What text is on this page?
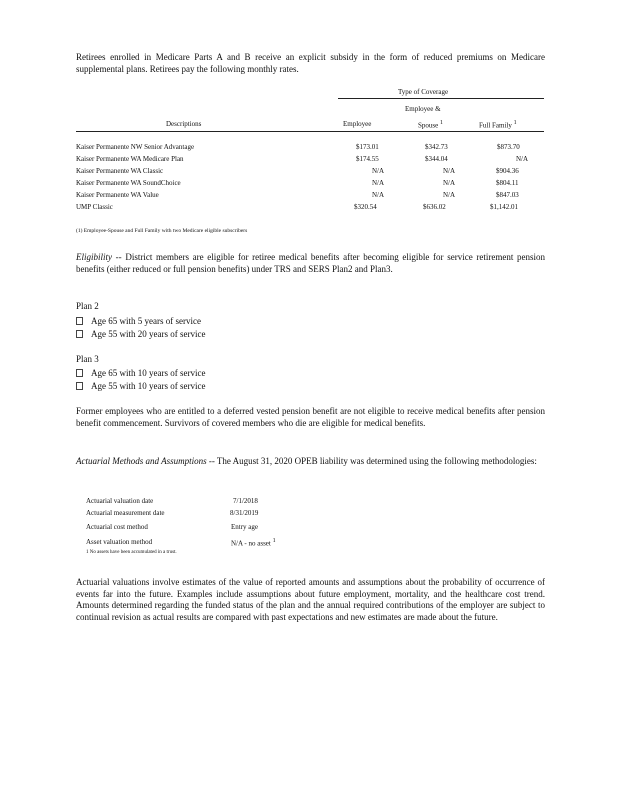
Retirees enrolled in Medicare Parts A and B receive an explicit subsidy in the form of reduced premiums on Medicare supplemental plans. Retirees pay the following monthly rates.
Type of Coverage
Employee &
Descriptions	Employee	Spouse $^1$	Full Family $^1$
Kaiser Permanente NW Senior Advantage	$173.01	$342.73	$873.70
Kaiser Permanente WA Medicare Plan	$174.55	$344.04	N/A
Kaiser Permanente WA Classic	N/A	N/A	$904.36
Kaiser Permanente WA SoundChoice	N/A	N/A	$804.11
Kaiser Permanente WA Value	N/A	N/A	$847.03
UMP Classic	$320.54	$636.02	$1,142.01
(1) Employee-Spouse and Full Family with two Medicare eligible subscribers
Eligibility -- District members are eligible for retiree medical benefits after becoming eligible for service retirement pension benefits (either reduced or full pension benefits) under TRS and SERS Plan2 and Plan3.
Plan 2
Age 65 with 5 years of service
Age 55 with 20 years of service
Plan 3
Age 65 with 10 years of service
Age 55 with 10 years of service
Former employees who are entitled to a deferred vested pension benefit are not eligible to receive medical benefits after pension benefit commencement. Survivors of covered members who die are eligible for medical benefits.
Actuarial Methods and Assumptions -- The August 31, 2020 OPEB liability was determined using the following methodologies:
Actuarial valuation date	7/1/2018
Actuarial measurement date	8/31/2019
Actuarial cost method	Entry age
Asset valuation method	N/A - no asset $^1$
1 No assets have been accumulated in a trust.
Actuarial valuations involve estimates of the value of reported amounts and assumptions about the probability of occurrence of events far into the future. Examples include assumptions about future employment, mortality, and the healthcare cost trend. Amounts determined regarding the funded status of the plan and the annual required contributions of the employer are subject to continual revision as actual results are compared with past expectations and new estimates are made about the future.
